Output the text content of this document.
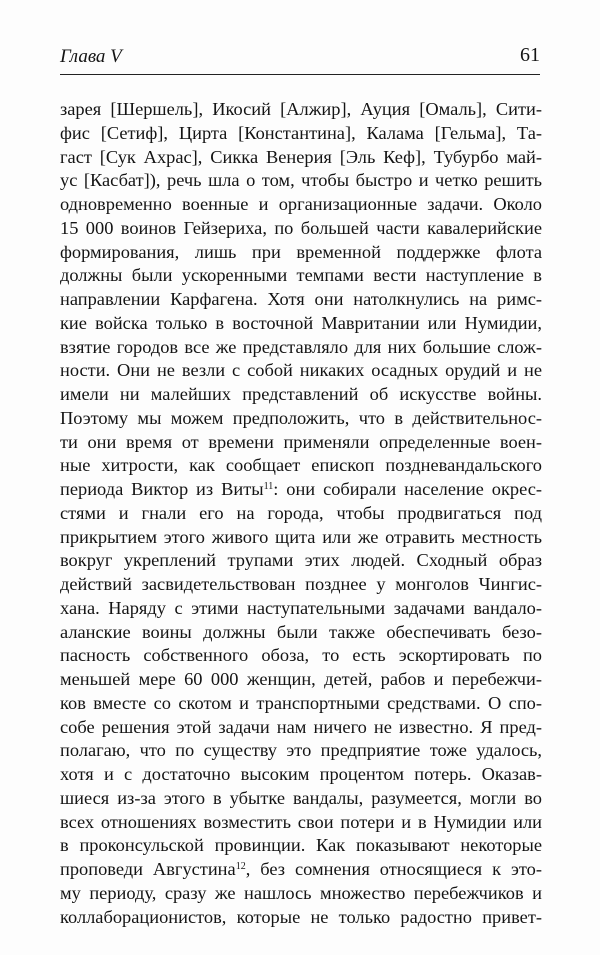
Глава V	61
зарея [Шершель], Икосий [Алжир], Ауция [Омаль], Сити-
фис [Сетиф], Цирта [Константина], Калама [Гельма], Та-
гаст [Сук Ахрас], Сикка Венерия [Эль Кеф], Тубурбо май-
ус [Касбат]), речь шла о том, чтобы быстро и четко решить
одновременно военные и организационные задачи. Около
15 000 воинов Гейзериха, по большей части кавалерийские
формирования, лишь при временной поддержке флота
должны были ускоренными темпами вести наступление в
направлении Карфагена. Хотя они натолкнулись на римс-
кие войска только в восточной Мавритании или Нумидии,
взятие городов все же представляло для них большие слож-
ности. Они не везли с собой никаких осадных орудий и не
имели ни малейших представлений об искусстве войны.
Поэтому мы можем предположить, что в действительнос-
ти они время от времени применяли определенные воен-
ные хитрости, как сообщает епископ поздневандальского
периода Виктор из Виты$^{11}$: они собирали население окрес-
стями и гнали его на города, чтобы продвигаться под
прикрытием этого живого щита или же отравить местность
вокруг укреплений трупами этих людей. Сходный образ
действий засвидетельствован позднее у монголов Чингис-
хана. Наряду с этими наступательными задачами вандало-
аланские воины должны были также обеспечивать безо-
пасность собственного обоза, то есть эскортировать по
меньшей мере 60 000 женщин, детей, рабов и перебежчи-
ков вместе со скотом и транспортными средствами. О спо-
собе решения этой задачи нам ничего не известно. Я пред-
полагаю, что по существу это предприятие тоже удалось,
хотя и с достаточно высоким процентом потерь. Оказав-
шиеся из-за этого в убытке вандалы, разумеется, могли во
всех отношениях возместить свои потери и в Нумидии или
в проконсульской провинции. Как показывают некоторые
проповеди Августина$^{12}$, без сомнения относящиеся к это-
му периоду, сразу же нашлось множество перебежчиков и
коллаборационистов, которые не только радостно привет-
